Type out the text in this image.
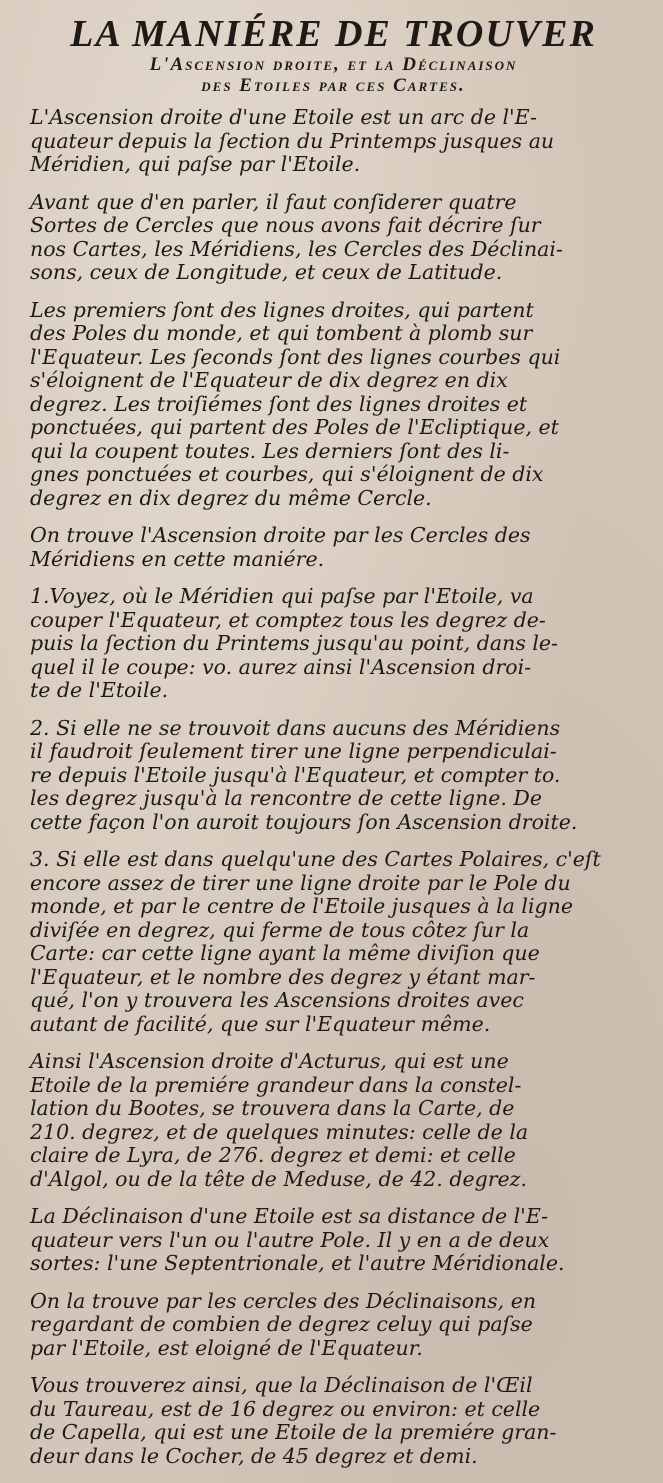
LA MANIÉRE DE TROUVER
L'Ascension droite, et la Déclinaison
des Etoiles par ces Cartes.
L'Ascension droite d'une Etoile est un arc de l'E-
quateur depuis la ſection du Printemps jusques au
Méridien, qui paſse par l'Etoile.
Avant que d'en parler, il faut conſiderer quatre
Sortes de Cercles que nous avons fait décrire ſur
nos Cartes, les Méridiens, les Cercles des Déclinai-
sons, ceux de Longitude, et ceux de Latitude.
Les premiers ſont des lignes droites, qui partent
des Poles du monde, et qui tombent à plomb sur
l'Equateur. Les ſeconds ſont des lignes courbes qui
s'éloignent de l'Equateur de dix degrez en dix
degrez. Les troiſiémes ſont des lignes droites et
ponctuées, qui partent des Poles de l'Ecliptique, et
qui la coupent toutes. Les derniers ſont des li-
gnes ponctuées et courbes, qui s'éloignent de dix
degrez en dix degrez du même Cercle.
On trouve l'Ascension droite par les Cercles des
Méridiens en cette maniére.
1.Voyez, où le Méridien qui paſse par l'Etoile, va
couper l'Equateur, et comptez tous les degrez de-
puis la ſection du Printems jusqu'au point, dans le-
quel il le coupe: vo. aurez ainsi l'Ascension droi-
te de l'Etoile.
2. Si elle ne se trouvoit dans aucuns des Méridiens
il faudroit ſeulement tirer une ligne perpendiculai-
re depuis l'Etoile jusqu'à l'Equateur, et compter to.
les degrez jusqu'à la rencontre de cette ligne. De
cette façon l'on auroit toujours ſon Ascension droite.
3. Si elle est dans quelqu'une des Cartes Polaires, c'eſt
encore assez de tirer une ligne droite par le Pole du
monde, et par le centre de l'Etoile jusques à la ligne
diviſée en degrez, qui ferme de tous côtez ſur la
Carte: car cette ligne ayant la même diviſion que
l'Equateur, et le nombre des degrez y étant mar-
qué, l'on y trouvera les Ascensions droites avec
autant de facilité, que sur l'Equateur même.
Ainsi l'Ascension droite d'Acturus, qui est une
Etoile de la premiére grandeur dans la constel-
lation du Bootes, se trouvera dans la Carte, de
210. degrez, et de quelques minutes: celle de la
claire de Lyra, de 276. degrez et demi: et celle
d'Algol, ou de la tête de Meduse, de 42. degrez.
La Déclinaison d'une Etoile est sa distance de l'E-
quateur vers l'un ou l'autre Pole. Il y en a de deux
sortes: l'une Septentrionale, et l'autre Méridionale.
On la trouve par les cercles des Déclinaisons, en
regardant de combien de degrez celuy qui paſse
par l'Etoile, est eloigné de l'Equateur.
Vous trouverez ainsi, que la Déclinaison de l'Œil
du Taureau, est de 16 degrez ou environ: et celle
de Capella, qui est une Etoile de la premiére gran-
deur dans le Cocher, de 45 degrez et demi.
